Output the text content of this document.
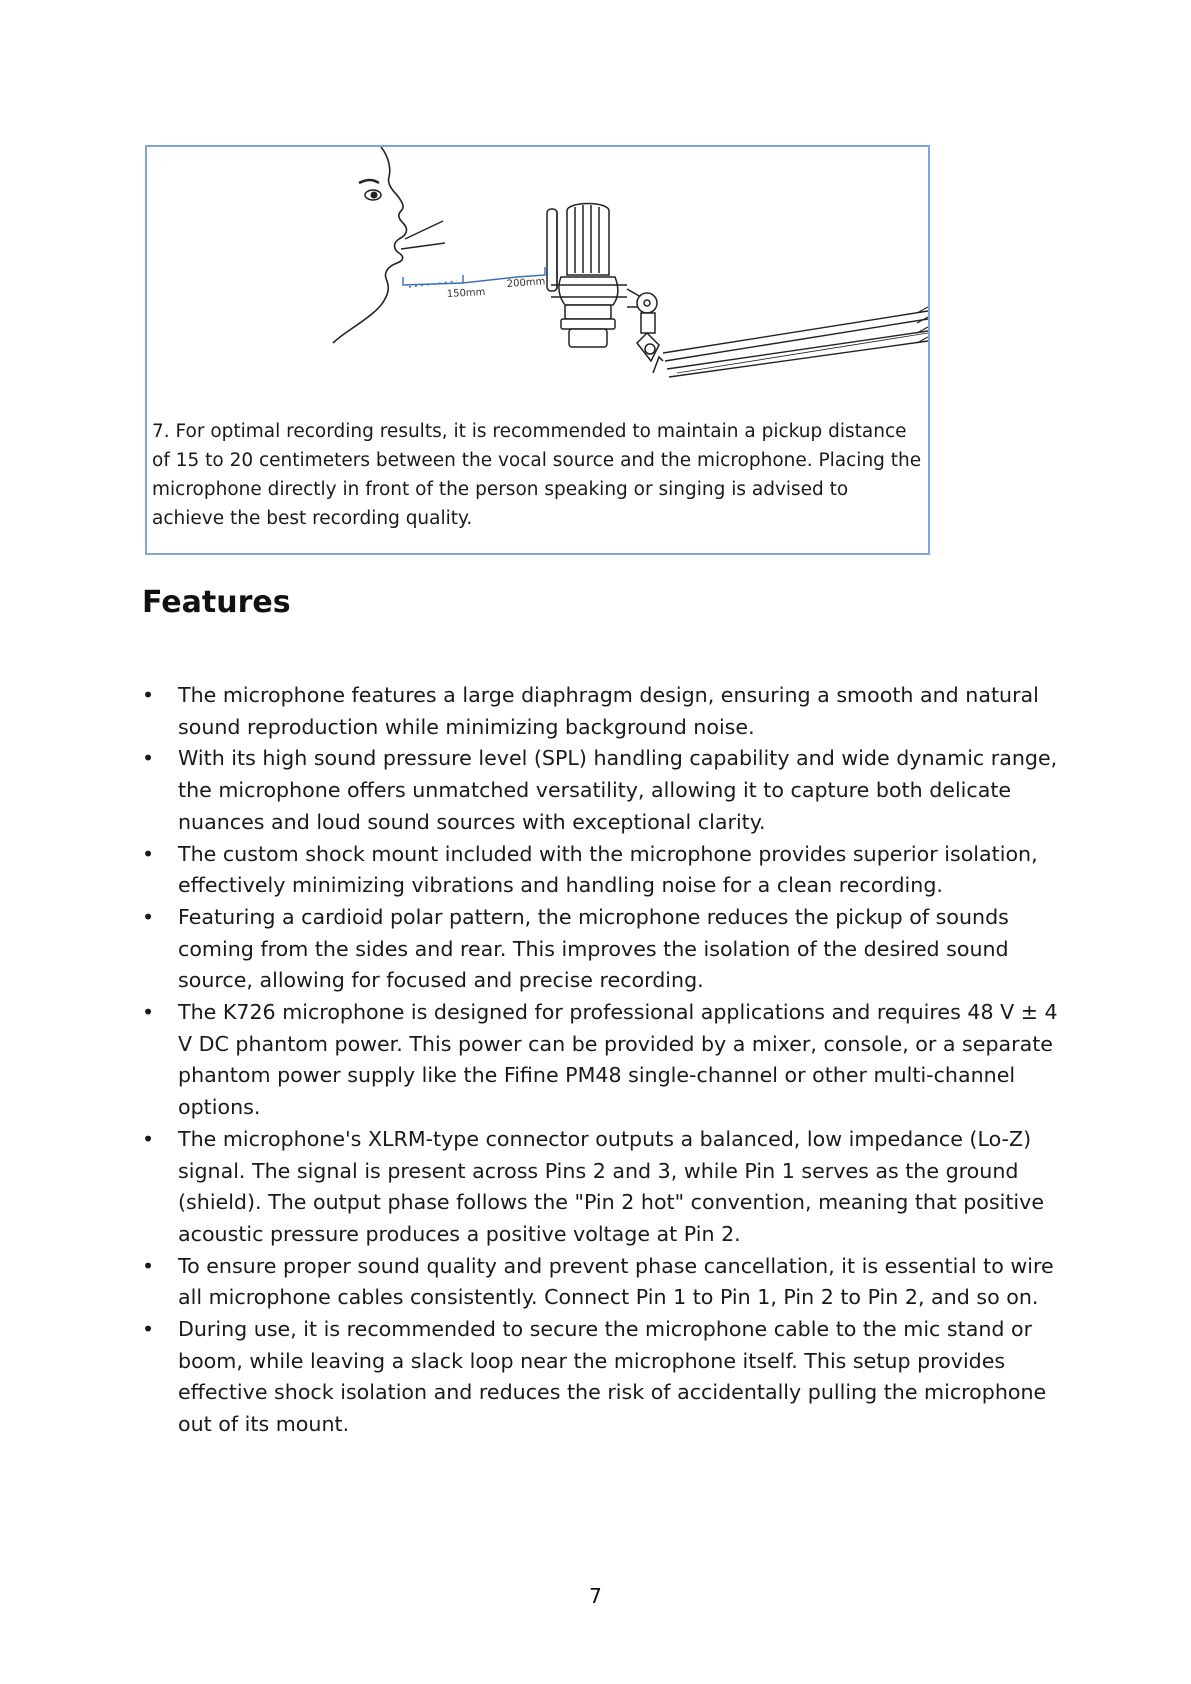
150mm
200mm

7. For optimal recording results, it is recommended to maintain a pickup distance of 15 to 20 centimeters between the vocal source and the microphone. Placing the microphone directly in front of the person speaking or singing is advised to achieve the best recording quality.

Features
•	The microphone features a large diaphragm design, ensuring a smooth and natural sound reproduction while minimizing background noise.
•	With its high sound pressure level (SPL) handling capability and wide dynamic range, the microphone offers unmatched versatility, allowing it to capture both delicate nuances and loud sound sources with exceptional clarity.
•	The custom shock mount included with the microphone provides superior isolation, effectively minimizing vibrations and handling noise for a clean recording.
•	Featuring a cardioid polar pattern, the microphone reduces the pickup of sounds coming from the sides and rear. This improves the isolation of the desired sound source, allowing for focused and precise recording.
•	The K726 microphone is designed for professional applications and requires 48 V ± 4 V DC phantom power. This power can be provided by a mixer, console, or a separate phantom power supply like the Fifine PM48 single-channel or other multi-channel options.
•	The microphone's XLRM-type connector outputs a balanced, low impedance (Lo-Z) signal. The signal is present across Pins 2 and 3, while Pin 1 serves as the ground (shield). The output phase follows the "Pin 2 hot" convention, meaning that positive acoustic pressure produces a positive voltage at Pin 2.
•	To ensure proper sound quality and prevent phase cancellation, it is essential to wire all microphone cables consistently. Connect Pin 1 to Pin 1, Pin 2 to Pin 2, and so on.
•	During use, it is recommended to secure the microphone cable to the mic stand or boom, while leaving a slack loop near the microphone itself. This setup provides effective shock isolation and reduces the risk of accidentally pulling the microphone out of its mount.
7
